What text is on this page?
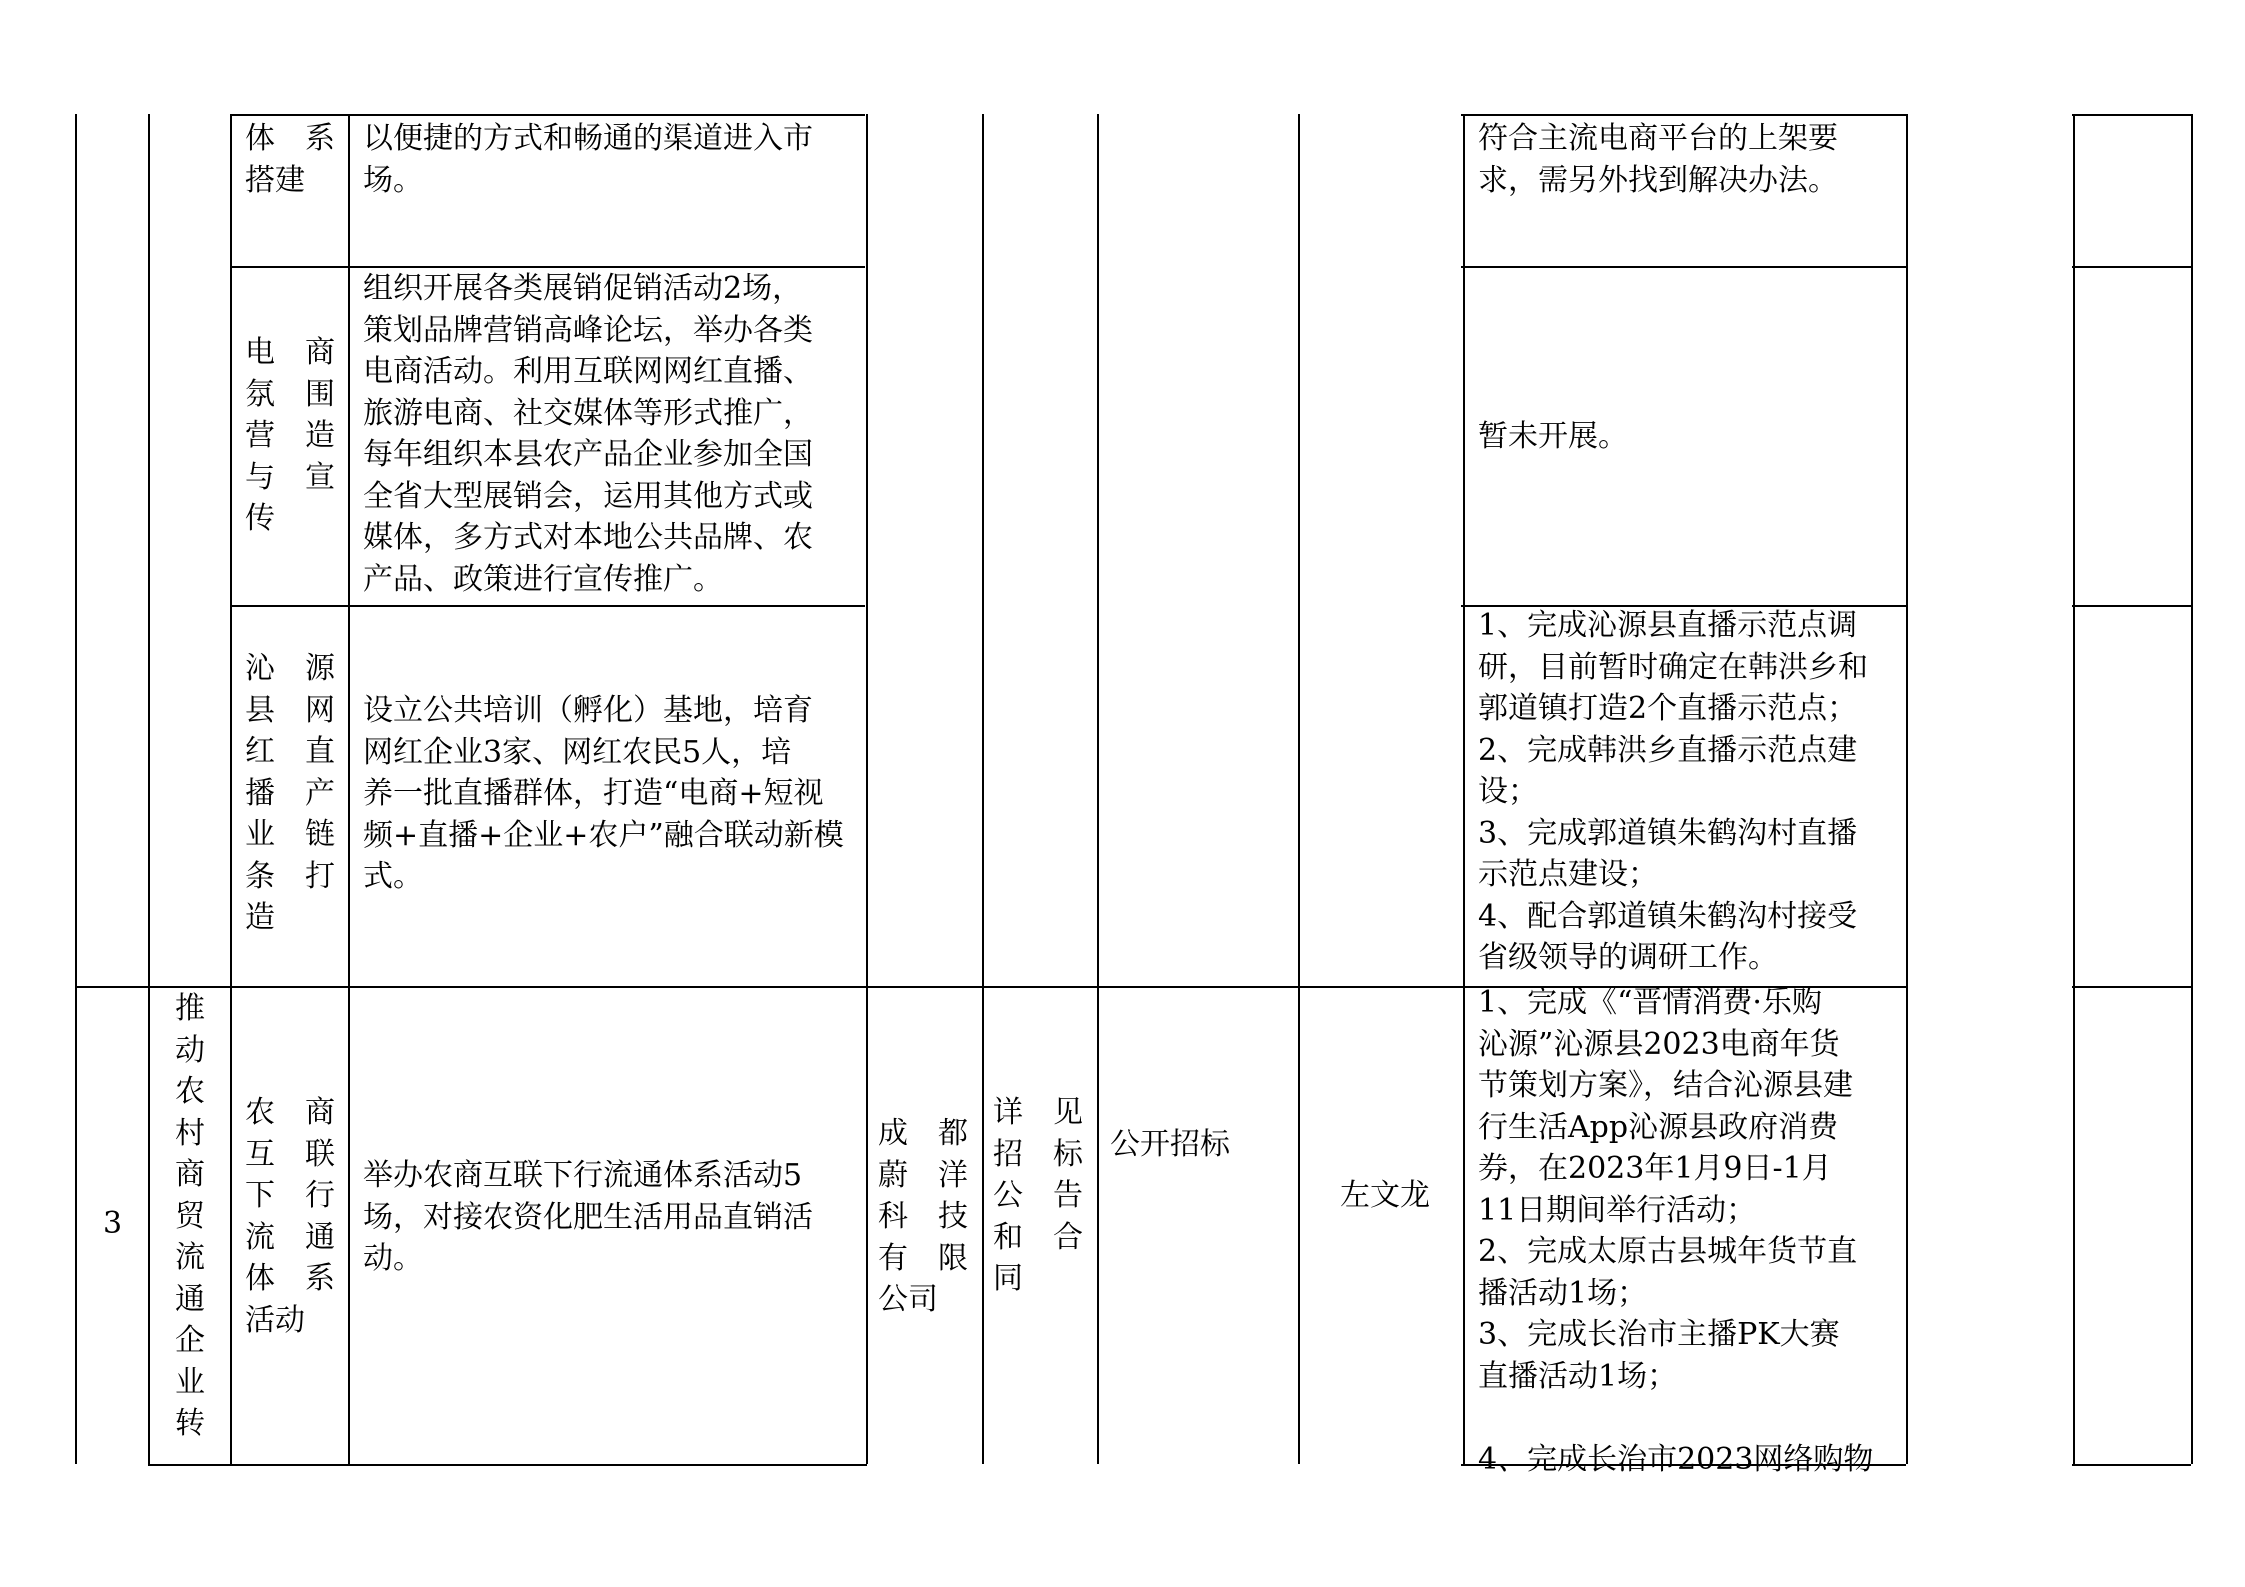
体　系
搭建
以便捷的方式和畅通的渠道进入市
场。
符合主流电商平台的上架要
求，需另外找到解决办法。
电　商
氛　围
营　造
与　宣
传
组织开展各类展销促销活动2场，
策划品牌营销高峰论坛，举办各类
电商活动。利用互联网网红直播、
旅游电商、社交媒体等形式推广，
每年组织本县农产品企业参加全国
全省大型展销会，运用其他方式或
媒体，多方式对本地公共品牌、农
产品、政策进行宣传推广。
暂未开展。
沁　源
县　网
红　直
播　产
业　链
条　打
造
设立公共培训（孵化）基地，培育
网红企业3家、网红农民5人，培
养一批直播群体，打造“电商+短视
频+直播+企业+农户”融合联动新模
式。
1、完成沁源县直播示范点调
研，目前暂时确定在韩洪乡和
郭道镇打造2个直播示范点；
2、完成韩洪乡直播示范点建
设；
3、完成郭道镇朱鹤沟村直播
示范点建设；
4、配合郭道镇朱鹤沟村接受
省级领导的调研工作。
3
推
动
农
村
商
贸
流
通
企
业
转
农　商
互　联
下　行
流　通
体　系
活动
举办农商互联下行流通体系活动5
场，对接农资化肥生活用品直销活
动。
成　都
蔚　洋
科　技
有　限
公司
详　见
招　标
公　告
和　合
同
公开招标
左文龙
1、完成《“晋情消费·乐购
沁源”沁源县2023电商年货
节策划方案》，结合沁源县建
行生活App沁源县政府消费
券，在2023年1月9日-1月
11日期间举行活动；
2、完成太原古县城年货节直
播活动1场；
3、完成长治市主播PK大赛
直播活动1场；

4、完成长治市2023网络购物
